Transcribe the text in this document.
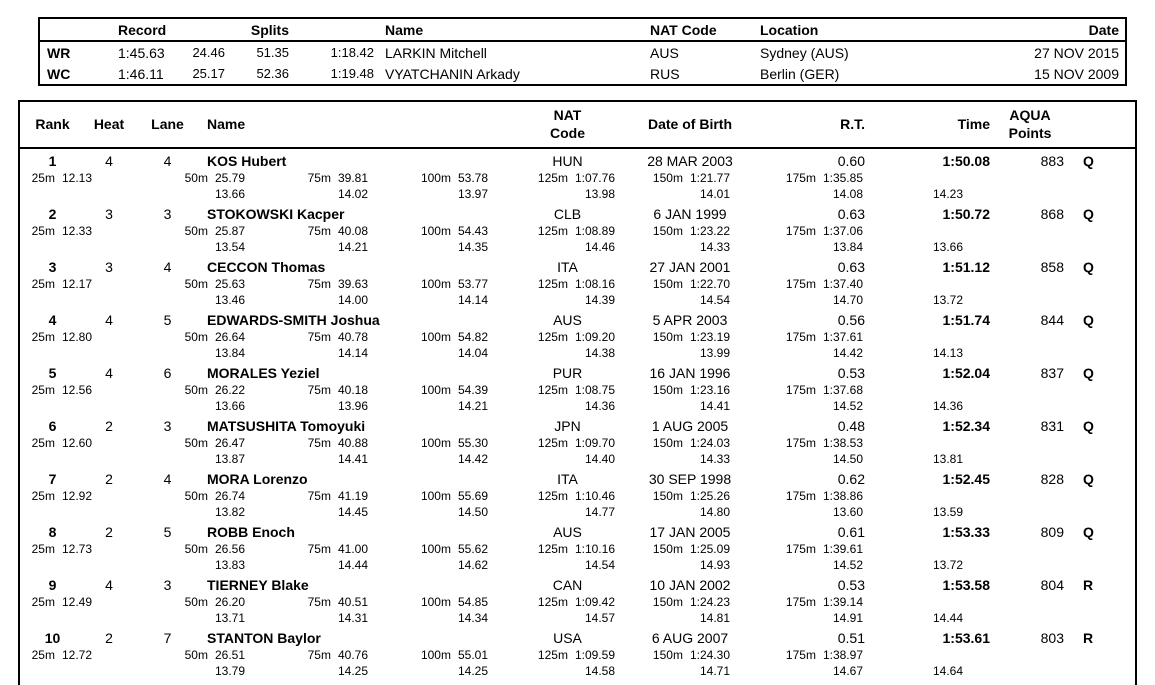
Record	Splits	Name	NAT Code	Location	Date
WR	1:45.63	24.46	51.35	1:18.42 LARKIN Mitchell	AUS	Sydney (AUS)	27 NOV 2015
WC	1:46.11	25.17	52.36	1:19.48 VYATCHANIN Arkady	RUS	Berlin (GER)	15 NOV 2009
Rank	Heat	Lane	Name
NAT
Code
Date of Birth	R.T.	Time
AQUA
Points
1	4	4	KOS Hubert	HUN	28 MAR 2003	0.60	1:50.08	883	Q
25m 12.13	50m 25.79	75m 39.81	100m 53.78	125m 1:07.76	150m 1:21.77	175m 1:35.85
13.66	14.02	13.97	13.98	14.01	14.08	14.23
2	3	3	STOKOWSKI Kacper	CLB	6 JAN 1999	0.63	1:50.72	868	Q
25m 12.33	50m 25.87	75m 40.08	100m 54.43	125m 1:08.89	150m 1:23.22	175m 1:37.06
13.54	14.21	14.35	14.46	14.33	13.84	13.66
3	3	4	CECCON Thomas	ITA	27 JAN 2001	0.63	1:51.12	858	Q
25m 12.17	50m 25.63	75m 39.63	100m 53.77	125m 1:08.16	150m 1:22.70	175m 1:37.40
13.46	14.00	14.14	14.39	14.54	14.70	13.72
4	4	5	EDWARDS-SMITH Joshua	AUS	5 APR 2003	0.56	1:51.74	844	Q
25m 12.80	50m 26.64	75m 40.78	100m 54.82	125m 1:09.20	150m 1:23.19	175m 1:37.61
13.84	14.14	14.04	14.38	13.99	14.42	14.13
5	4	6	MORALES Yeziel	PUR	16 JAN 1996	0.53	1:52.04	837	Q
25m 12.56	50m 26.22	75m 40.18	100m 54.39	125m 1:08.75	150m 1:23.16	175m 1:37.68
13.66	13.96	14.21	14.36	14.41	14.52	14.36
6	2	3	MATSUSHITA Tomoyuki	JPN	1 AUG 2005	0.48	1:52.34	831	Q
25m 12.60	50m 26.47	75m 40.88	100m 55.30	125m 1:09.70	150m 1:24.03	175m 1:38.53
13.87	14.41	14.42	14.40	14.33	14.50	13.81
7	2	4	MORA Lorenzo	ITA	30 SEP 1998	0.62	1:52.45	828	Q
25m 12.92	50m 26.74	75m 41.19	100m 55.69	125m 1:10.46	150m 1:25.26	175m 1:38.86
13.82	14.45	14.50	14.77	14.80	13.60	13.59
8	2	5	ROBB Enoch	AUS	17 JAN 2005	0.61	1:53.33	809	Q
25m 12.73	50m 26.56	75m 41.00	100m 55.62	125m 1:10.16	150m 1:25.09	175m 1:39.61
13.83	14.44	14.62	14.54	14.93	14.52	13.72
9	4	3	TIERNEY Blake	CAN	10 JAN 2002	0.53	1:53.58	804	R
25m 12.49	50m 26.20	75m 40.51	100m 54.85	125m 1:09.42	150m 1:24.23	175m 1:39.14
13.71	14.31	14.34	14.57	14.81	14.91	14.44
10	2	7	STANTON Baylor	USA	6 AUG 2007	0.51	1:53.61	803	R
25m 12.72	50m 26.51	75m 40.76	100m 55.01	125m 1:09.59	150m 1:24.30	175m 1:38.97
13.79	14.25	14.25	14.58	14.71	14.67	14.64
